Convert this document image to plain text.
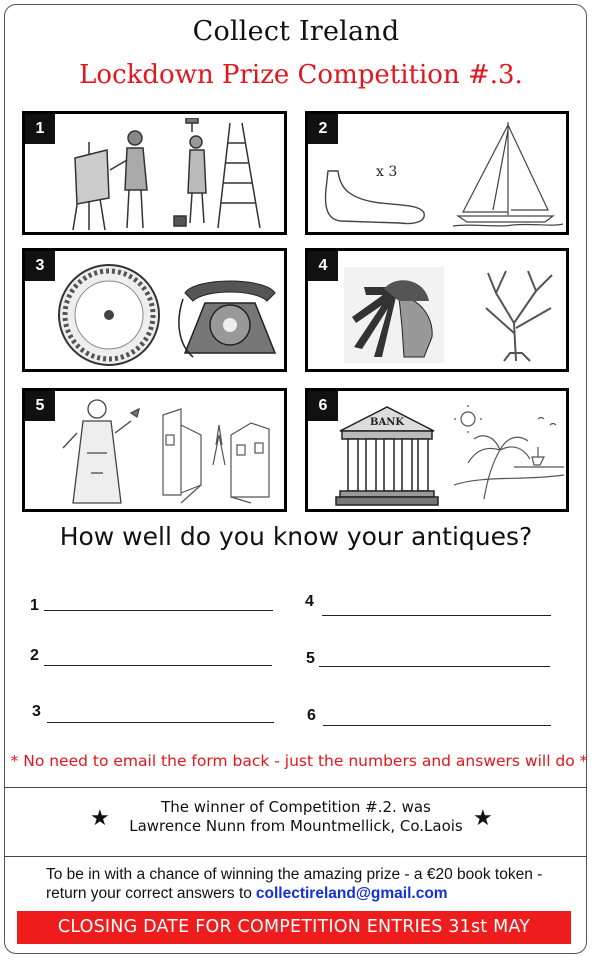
Collect Ireland
Lockdown Prize Competition #.3.
1	2
x 3
3	4
5	6
BANK
How well do you know your antiques?
1
2
3
4
5
6
* No need to email the form back - just the numbers and answers will do *
★	The winner of Competition #.2. was
Lawrence Nunn from Mountmellick, Co.Laois ★
To be in with a chance of winning the amazing prize - a €20 book token -
return your correct answers to collectireland@gmail.com
CLOSING DATE FOR COMPETITION ENTRIES 31st MAY
